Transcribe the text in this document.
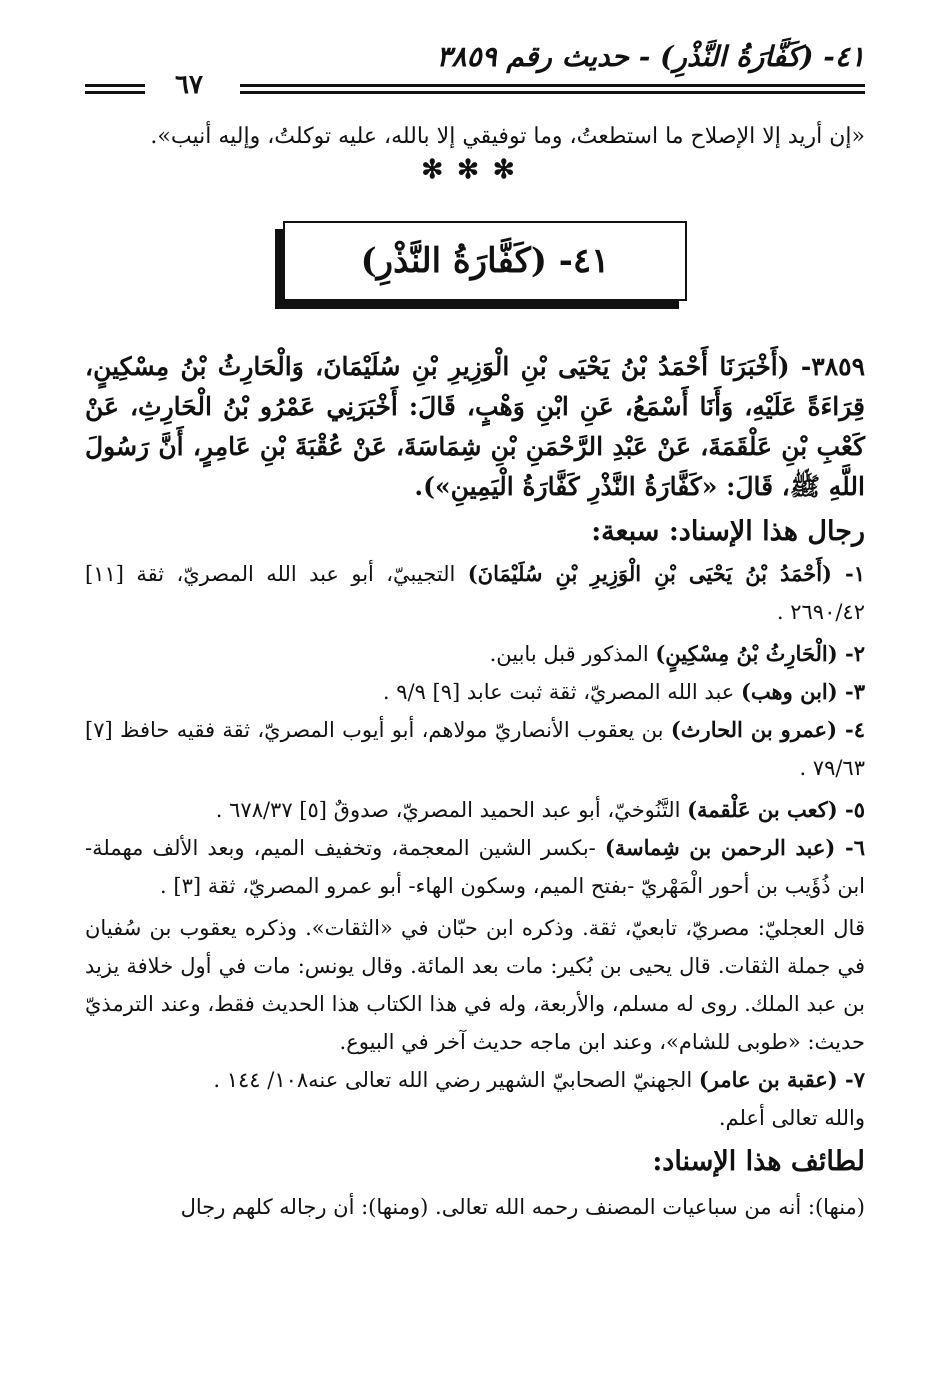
٤١- (كَفَّارَةُ النَّذْرِ) - حديث رقم ٣٨٥٩
٦٧
«إن أريد إلا الإصلاح ما استطعتُ، وما توفيقي إلا بالله، عليه توكلتُ، وإليه أنيب».
✻✻✻
٤١- (كَفَّارَةُ النَّذْرِ)
٣٨٥٩- (أَخْبَرَنَا أَحْمَدُ بْنُ يَحْيَى بْنِ الْوَزِيرِ بْنِ سُلَيْمَانَ، وَالْحَارِثُ بْنُ مِسْكِينٍ، قِرَاءَةً عَلَيْهِ، وَأَنَا أَسْمَعُ، عَنِ ابْنِ وَهْبٍ، قَالَ: أَخْبَرَنِي عَمْرُو بْنُ الْحَارِثِ، عَنْ كَعْبِ بْنِ عَلْقَمَةَ، عَنْ عَبْدِ الرَّحْمَنِ بْنِ شِمَاسَةَ، عَنْ عُقْبَةَ بْنِ عَامِرٍ، أَنَّ رَسُولَ اللَّهِ ﷺ، قَالَ: «كَفَّارَةُ النَّذْرِ كَفَّارَةُ الْيَمِينِ»).
رجال هذا الإسناد: سبعة:

١- (أَحْمَدُ بْنُ يَحْيَى بْنِ الْوَزِيرِ بْنِ سُلَيْمَانَ) التجيبيّ، أبو عبد الله المصريّ، ثقة [١١] ٢٦٩٠/٤٢ .

٢- (الْحَارِثُ بْنُ مِسْكِينٍ) المذكور قبل بابين.

٣- (ابن وهب) عبد الله المصريّ، ثقة ثبت عابد [٩] ٩/٩ .

٤- (عمرو بن الحارث) بن يعقوب الأنصاريّ مولاهم، أبو أيوب المصريّ، ثقة فقيه حافظ [٧] ٧٩/٦٣ .

٥- (كعب بن عَلْقمة) التَّنُوخيّ، أبو عبد الحميد المصريّ، صدوقٌ [٥] ٦٧٨/٣٧ .

٦- (عبد الرحمن بن شِماسة) -بكسر الشين المعجمة، وتخفيف الميم، وبعد الألف مهملة- ابن ذُؤَيب بن أحور الْمَهْريّ -بفتح الميم، وسكون الهاء- أبو عمرو المصريّ، ثقة [٣] .

قال العجليّ: مصريّ، تابعيّ، ثقة. وذكره ابن حبّان في «الثقات». وذكره يعقوب بن سُفيان في جملة الثقات. قال يحيى بن بُكير: مات بعد المائة. وقال يونس: مات في أول خلافة يزيد بن عبد الملك. روى له مسلم، والأربعة، وله في هذا الكتاب هذا الحديث فقط، وعند الترمذيّ حديث: «طوبى للشام»، وعند ابن ماجه حديث آخر في البيوع.

٧- (عقبة بن عامر) الجهنيّ الصحابيّ الشهير رضي الله تعالى عنه١٠٨/ ١٤٤ .

والله تعالى أعلم.

لطائف هذا الإسناد:
(منها): أنه من سباعيات المصنف رحمه الله تعالى. (ومنها): أن رجاله كلهم رجال
